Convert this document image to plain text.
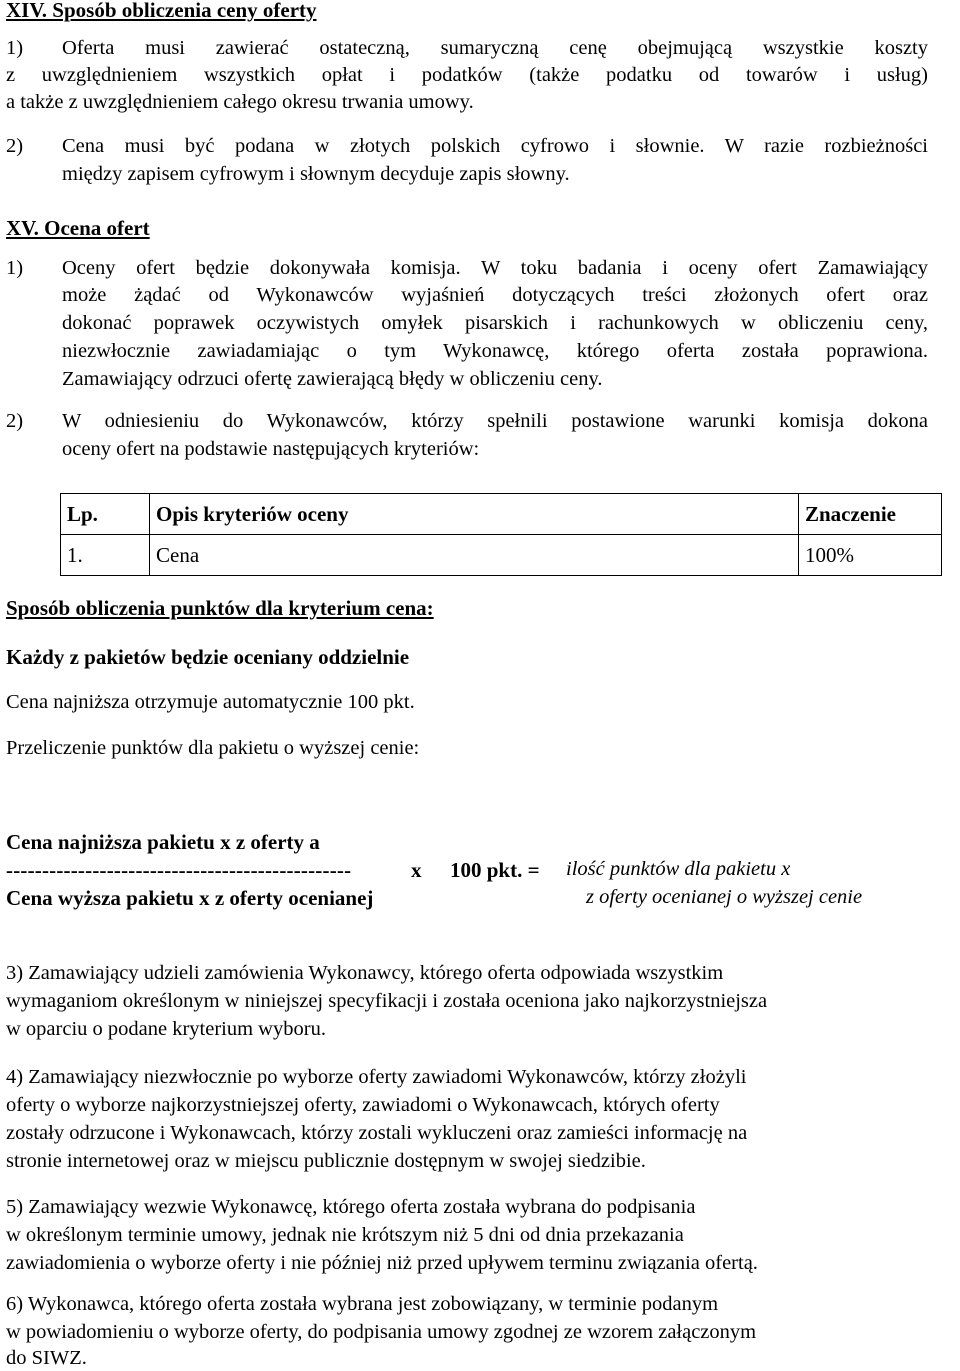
XIV. Sposób obliczenia ceny oferty
1) Oferta musi zawierać ostateczną, sumaryczną cenę obejmującą wszystkie koszty
z uwzględnieniem wszystkich opłat i podatków (także podatku od towarów i usług)
a także z uwzględnieniem całego okresu trwania umowy.
2) Cena musi być podana w złotych polskich cyfrowo i słownie. W razie rozbieżności
między zapisem cyfrowym i słownym decyduje zapis słowny.
XV. Ocena ofert
1) Oceny ofert będzie dokonywała komisja. W toku badania i oceny ofert Zamawiający
może żądać od Wykonawców wyjaśnień dotyczących treści złożonych ofert oraz
dokonać poprawek oczywistych omyłek pisarskich i rachunkowych w obliczeniu ceny,
niezwłocznie zawiadamiając o tym Wykonawcę, którego oferta została poprawiona.
Zamawiający odrzuci ofertę zawierającą błędy w obliczeniu ceny.
2) W odniesieniu do Wykonawców, którzy spełnili postawione warunki komisja dokona
oceny ofert na podstawie następujących kryteriów:
Lp.	Opis kryteriów oceny	Znaczenie
1.	Cena	100%
Sposób obliczenia punktów dla kryterium cena:
Każdy z pakietów będzie oceniany oddzielnie
Cena najniższa otrzymuje automatycznie 100 pkt.
Przeliczenie punktów dla pakietu o wyższej cenie:
Cena najniższa pakietu x z oferty a
------------------------------------------------	x 100 pkt. = ilość punktów dla pakietu x
Cena wyższa pakietu x z oferty ocenianej	z oferty ocenianej o wyższej cenie
3) Zamawiający udzieli zamówienia Wykonawcy, którego oferta odpowiada wszystkim
wymaganiom określonym w niniejszej specyfikacji i została oceniona jako najkorzystniejsza
w oparciu o podane kryterium wyboru.
4) Zamawiający niezwłocznie po wyborze oferty zawiadomi Wykonawców, którzy złożyli
oferty o wyborze najkorzystniejszej oferty, zawiadomi o Wykonawcach, których oferty
zostały odrzucone i Wykonawcach, którzy zostali wykluczeni oraz zamieści informację na
stronie internetowej oraz w miejscu publicznie dostępnym w swojej siedzibie.
5) Zamawiający wezwie Wykonawcę, którego oferta została wybrana do podpisania
w określonym terminie umowy, jednak nie krótszym niż 5 dni od dnia przekazania
zawiadomienia o wyborze oferty i nie później niż przed upływem terminu związania ofertą.
6) Wykonawca, którego oferta została wybrana jest zobowiązany, w terminie podanym
w powiadomieniu o wyborze oferty, do podpisania umowy zgodnej ze wzorem załączonym
do SIWZ.
